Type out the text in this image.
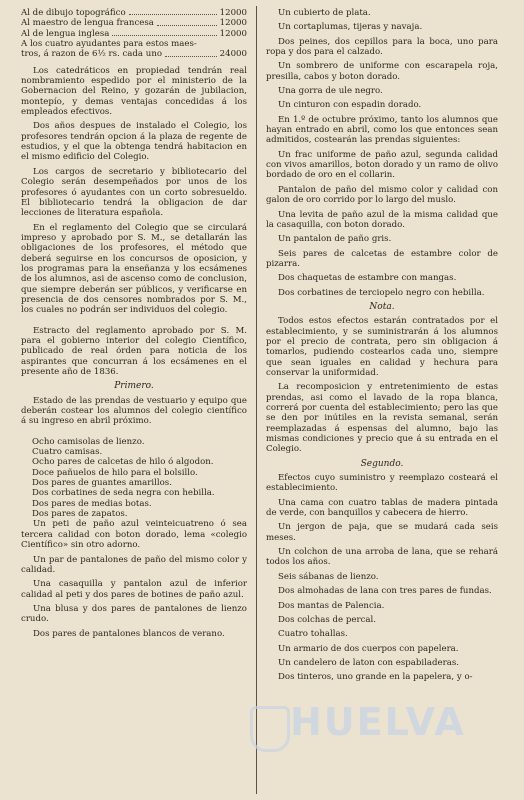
Al de dibujo topográfico	12000
Al maestro de lengua francesa	12000
Al de lengua inglesa	12000
A los cuatro ayudantes para estos maes-
tros, á razon de 6½ rs. cada uno	24000

Los catedráticos en propiedad tendrán real nombramiento espedido por el ministerio de la Gobernacion del Reino, y gozarán de jubilacion, montepío, y demas ventajas concedidas á los empleados efectivos.

Dos años despues de instalado el Colegio, los profesores tendrán opcion á la plaza de regente de estudios, y el que la obtenga tendrá habitacion en el mismo edificio del Colegio.

Los cargos de secretario y bibliotecario del Colegio serán desempeñados por unos de los profesores ó ayudantes con un corto sobresueldo. El bibliotecario tendrá la obligacion de dar lecciones de literatura española.

En el reglamento del Colegio que se circulará impreso y aprobado por S. M., se detallarán las obligaciones de los profesores, el método que deberá seguirse en los concursos de oposicion, y los programas para la enseñanza y los ecsámenes de los alumnos, asi de ascenso como de conclusion, que siempre deberán ser públicos, y verificarse en presencia de dos censores nombrados por S. M., los cuales no podrán ser individuos del colegio.

Estracto del reglamento aprobado por S. M. para el gobierno interior del colegio Científico, publicado de real órden para noticia de los aspirantes que concurran á los ecsámenes en el presente año de 1836.

Primero.

Estado de las prendas de vestuario y equipo que deberán costear los alumnos del colegio científico á su ingreso en abril próximo.

Ocho camisolas de lienzo.

Cuatro camisas.

Ocho pares de calcetas de hilo ó algodon.

Doce pañuelos de hilo para el bolsillo.

Dos pares de guantes amarillos.

Dos corbatines de seda negra con hebilla.

Dos pares de medias botas.

Dos pares de zapatos.

Un peti de paño azul veinteicuatreno ó sea tercera calidad con boton dorado, lema «colegio Científico» sin otro adorno.

Un par de pantalones de paño del mismo color y calidad.

Una casaquilla y pantalon azul de inferior calidad al peti y dos pares de botines de paño azul.

Una blusa y dos pares de pantalones de lienzo crudo.

Dos pares de pantalones blancos de verano.

Un cubierto de plata.

Un cortaplumas, tijeras y navaja.

Dos peines, dos cepillos para la boca, uno para ropa y dos para el calzado.

Un sombrero de uniforme con escarapela roja, presilla, cabos y boton dorado.

Una gorra de ule negro.

Un cinturon con espadin dorado.

En 1.º de octubre próximo, tanto los alumnos que hayan entrado en abril, como los que entonces sean admitidos, costearán las prendas siguientes:

Un frac uniforme de paño azul, segunda calidad con vivos amarillos, boton dorado y un ramo de olivo bordado de oro en el collarin.

Pantalon de paño del mismo color y calidad con galon de oro corrido por lo largo del muslo.

Una levita de paño azul de la misma calidad que la casaquilla, con boton dorado.

Un pantalon de paño gris.

Seis pares de calcetas de estambre color de pizarra.

Dos chaquetas de estambre con mangas.

Dos corbatines de terciopelo negro con hebilla.

Nota.

Todos estos efectos estarán contratados por el establecimiento, y se suministrarán á los alumnos por el precio de contrata, pero sin obligacion á tomarlos, pudiendo costearlos cada uno, siempre que sean iguales en calidad y hechura para conservar la uniformidad.

La recomposicion y entretenimiento de estas prendas, asi como el lavado de la ropa blanca, correrá por cuenta del establecimiento; pero las que se den por inútiles en la revista semanal, serán reemplazadas á espensas del alumno, bajo las mismas condiciones y precio que á su entrada en el Colegio.

Segundo.

Efectos cuyo suministro y reemplazo costeará el establecimiento.

Una cama con cuatro tablas de madera pintada de verde, con banquillos y cabecera de hierro.

Un jergon de paja, que se mudará cada seis meses.

Un colchon de una arroba de lana, que se rehará todos los años.

Seis sábanas de lienzo.

Dos almohadas de lana con tres pares de fundas.

Dos mantas de Palencia.

Dos colchas de percal.

Cuatro tohallas.

Un armario de dos cuerpos con papelera.

Un candelero de laton con espabiladeras.

Dos tinteros, uno grande en la papelera, y o-

HUELVA
